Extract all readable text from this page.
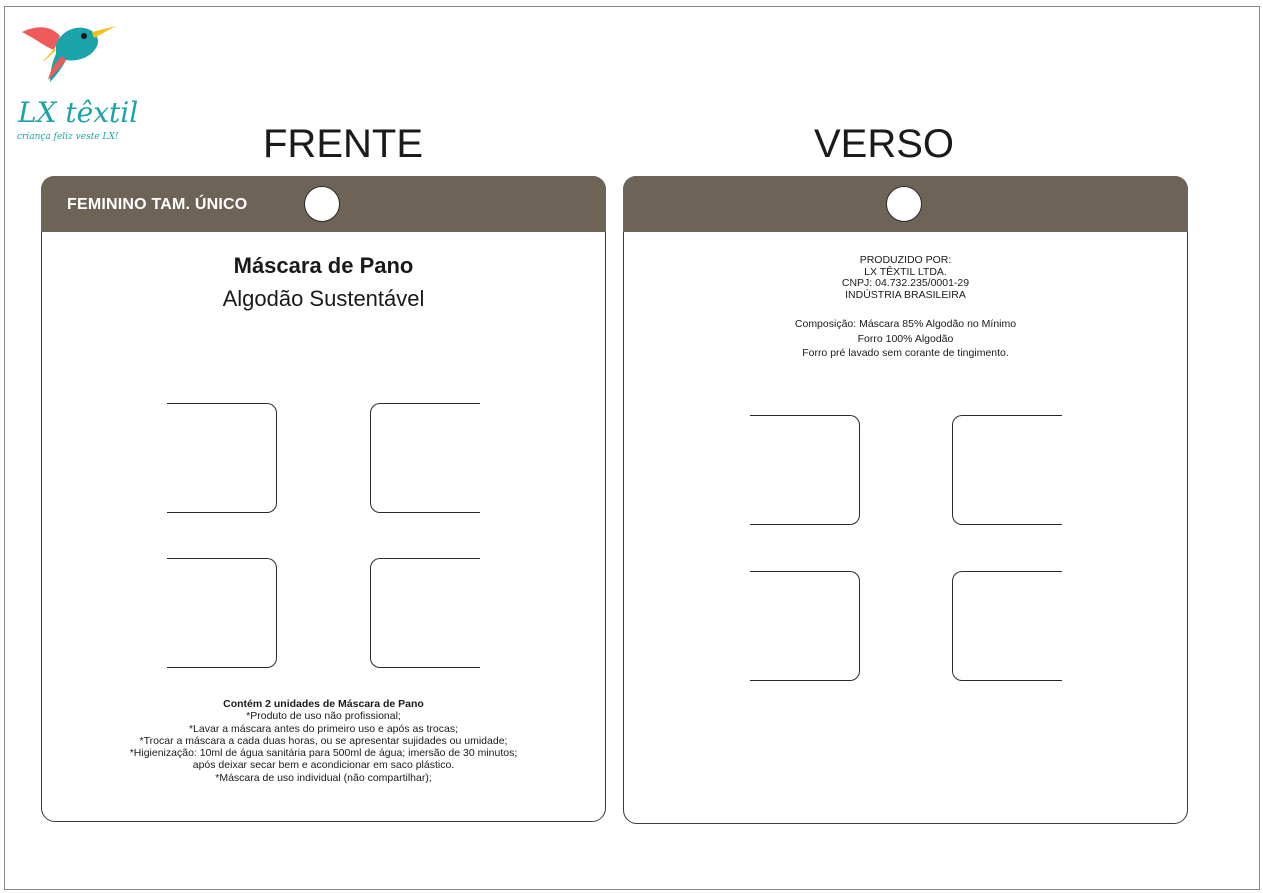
LX têxtil
criança feliz veste LX!	FRENTE	VERSO
FEMININO TAM. ÚNICO
Máscara de Pano
Algodão Sustentável
Contém 2 unidades de Máscara de Pano
*Produto de uso não profissional;
*Lavar a máscara antes do primeiro uso e após as trocas;
*Trocar a máscara a cada duas horas, ou se apresentar sujidades ou umidade;
*Higienização: 10ml de água sanitária para 500ml de água; imersão de 30 minutos;
após deixar secar bem e acondicionar em saco plástico.
*Máscara de uso individual (não compartilhar);
PRODUZIDO POR:
LX TÊXTIL LTDA.
CNPJ: 04.732.235/0001-29
INDÚSTRIA BRASILEIRA
Composição: Máscara 85% Algodão no Mínimo
Forro 100% Algodão
Forro pré lavado sem corante de tingimento.
